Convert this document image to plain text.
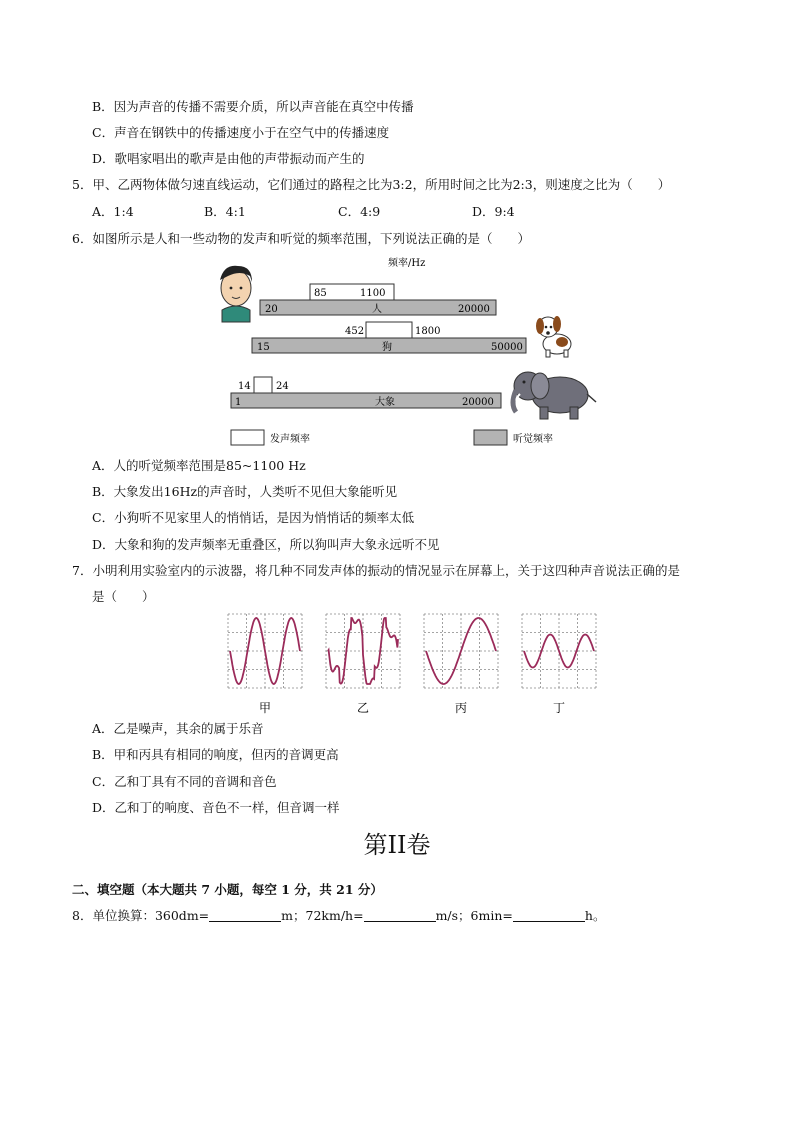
B．因为声音的传播不需要介质，所以声音能在真空中传播
C．声音在钢铁中的传播速度小于在空气中的传播速度
D．歌唱家唱出的歌声是由他的声带振动而产生的
5．甲、乙两物体做匀速直线运动，它们通过的路程之比为3:2，所用时间之比为2:3，则速度之比为（　　）
A．1:4	B．4:1	C．4:9	D．9:4
6．如图所示是人和一些动物的发声和听觉的频率范围，下列说法正确的是（　　）
频率/Hz
85	1100
20	人	20000
452	1800
15	狗	50000
14	24
1	大象	20000
发声频率	听觉频率
A．人的听觉频率范围是85~1100 Hz
B．大象发出16Hz的声音时，人类听不见但大象能听见
C．小狗听不见家里人的悄悄话，是因为悄悄话的频率太低
D．大象和狗的发声频率无重叠区，所以狗叫声大象永远听不见
7．小明利用实验室内的示波器，将几种不同发声体的振动的情况显示在屏幕上，关于这四种声音说法正确的是
是（　　）
甲	乙	丙	丁
A．乙是噪声，其余的属于乐音
B．甲和丙具有相同的响度，但丙的音调更高
C．乙和丁具有不同的音调和音色
D．乙和丁的响度、音色不一样，但音调一样
第II卷
二、填空题（本大题共 7 小题，每空 1 分，共 21 分）
8．单位换算：360dm=	m；72km/h=	m/s；6min=	h。
